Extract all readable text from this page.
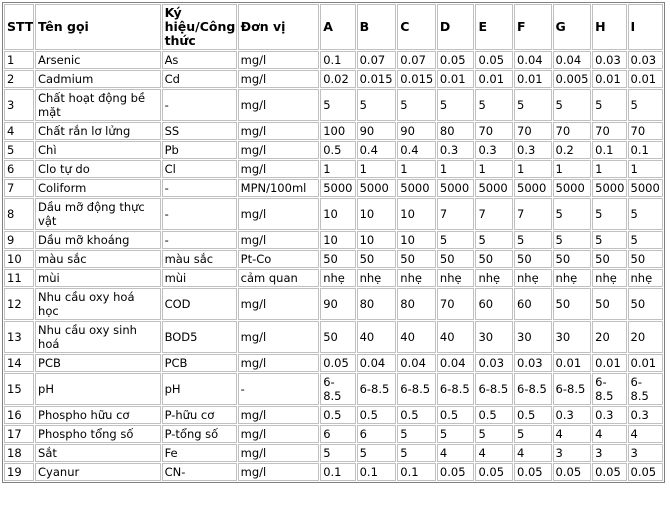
STT	Tên gọi	Ký hiệu/Công thức	Đơn vị	A	B	C	D	E	F	G	H	I
1	Arsenic	As	mg/l	0.1	0.07	0.07	0.05	0.05	0.04	0.04	0.03	0.03
2	Cadmium	Cd	mg/l	0.02	0.015	0.015	0.01	0.01	0.01	0.005	0.01	0.01
3	Chất hoạt động bề mặt	-	mg/l	5	5	5	5	5	5	5	5	5
4	Chất rắn lơ lửng	SS	mg/l	100	90	90	80	70	70	70	70	70
5	Chì	Pb	mg/l	0.5	0.4	0.4	0.3	0.3	0.3	0.2	0.1	0.1
6	Clo tự do	Cl	mg/l	1	1	1	1	1	1	1	1	1
7	Coliform	-	MPN/100ml	5000	5000	5000	5000	5000	5000	5000	5000	5000
8	Dầu mỡ động thực vật	-	mg/l	10	10	10	7	7	7	5	5	5
9	Dầu mỡ khoáng	-	mg/l	10	10	10	5	5	5	5	5	5
10	màu sắc	màu sắc	Pt-Co	50	50	50	50	50	50	50	50	50
11	mùi	mùi	cảm quan	nhẹ	nhẹ	nhẹ	nhẹ	nhẹ	nhẹ	nhẹ	nhẹ	nhẹ
12	Nhu cầu oxy hoá học	COD	mg/l	90	80	80	70	60	60	50	50	50
13	Nhu cầu oxy sinh hoá	BOD5	mg/l	50	40	40	40	30	30	30	20	20
14	PCB	PCB	mg/l	0.05	0.04	0.04	0.04	0.03	0.03	0.01	0.01	0.01
15	pH	pH	-	6-8.5	6-8.5	6-8.5	6-8.5	6-8.5	6-8.5	6-8.5	6-8.5	6-8.5
16	Phospho hữu cơ	P-hữu cơ	mg/l	0.5	0.5	0.5	0.5	0.5	0.5	0.3	0.3	0.3
17	Phospho tổng số	P-tổng số	mg/l	6	6	5	5	5	5	4	4	4
18	Sắt	Fe	mg/l	5	5	5	4	4	4	3	3	3
19	Cyanur	CN-	mg/l	0.1	0.1	0.1	0.05	0.05	0.05	0.05	0.05	0.05
